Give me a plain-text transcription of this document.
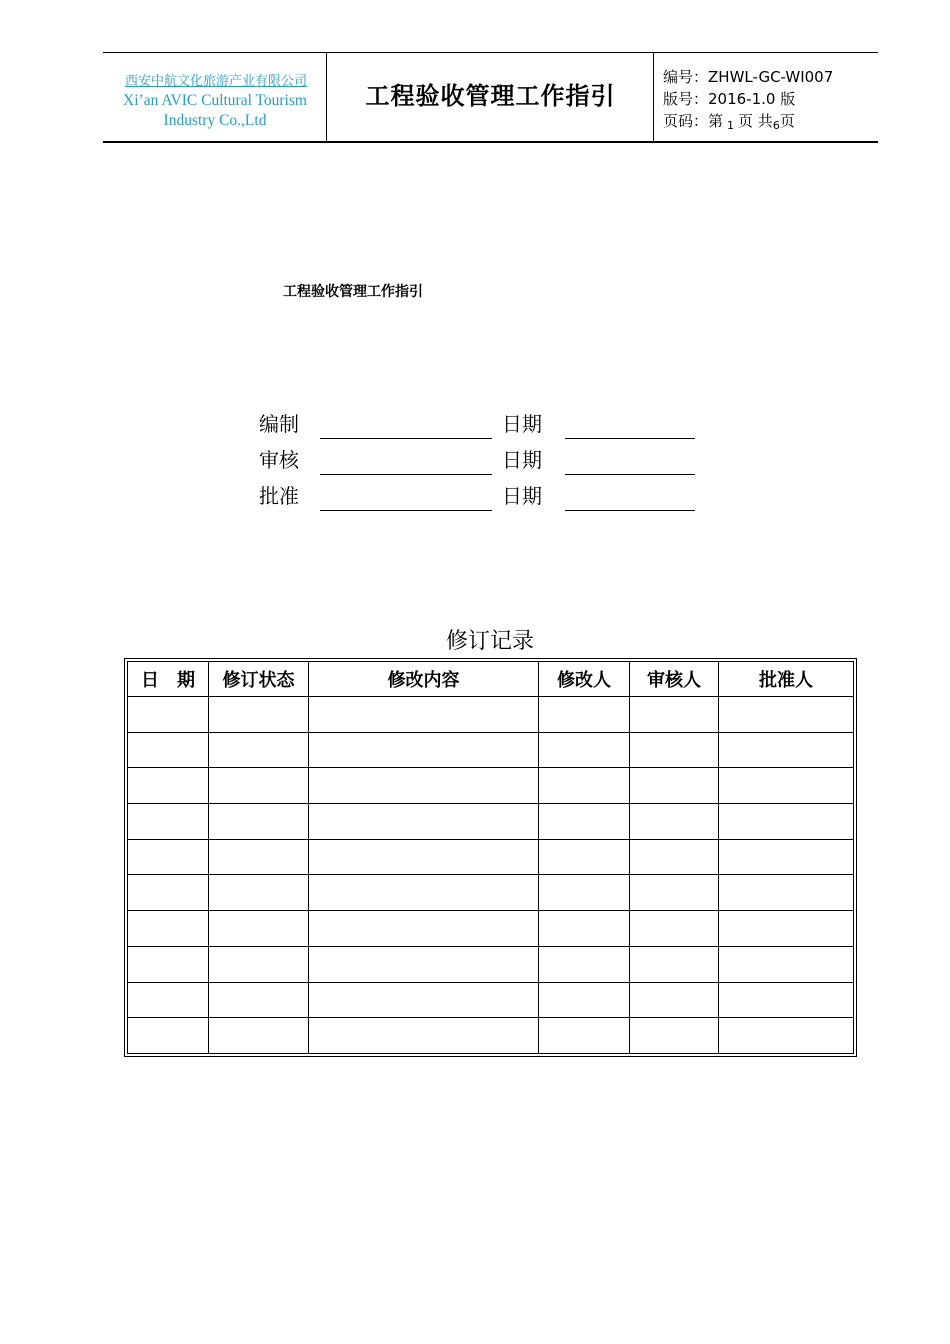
西安中航文化旅游产业有限公司
Xi’an AVIC Cultural Tourism
Industry Co.,Ltd
工程验收管理工作指引
编号：ZHWL-GC-WI007
版号：2016-1.0 版
页码：第 $_1$ 页 共$_6$页
工程验收管理工作指引
编制	日期
审核	日期
批准	日期
修订记录
日　期	修订状态	修改内容	修改人	审核人	批准人
